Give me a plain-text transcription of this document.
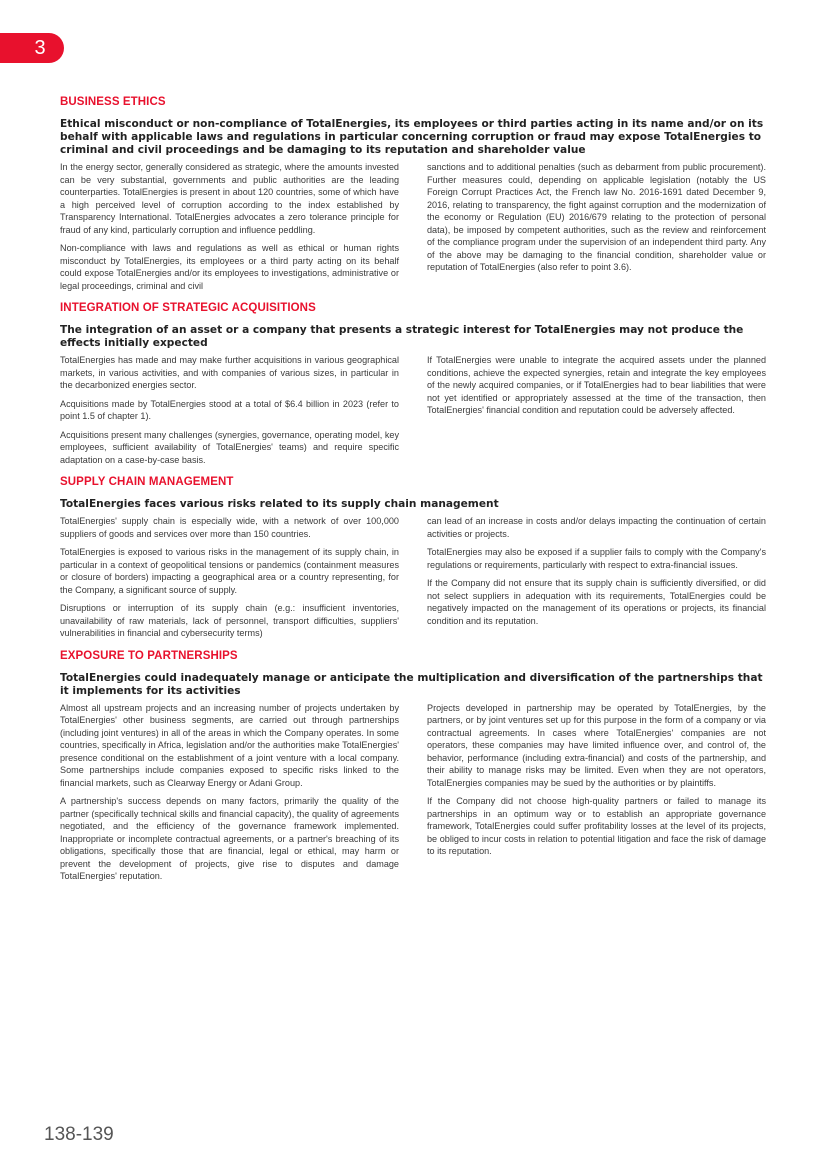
3
BUSINESS ETHICS
Ethical misconduct or non-compliance of TotalEnergies, its employees or third parties acting in its name and/or on its behalf with applicable laws and regulations in particular concerning corruption or fraud may expose TotalEnergies to criminal and civil proceedings and be damaging to its reputation and shareholder value

In the energy sector, generally considered as strategic, where the amounts invested can be very substantial, governments and public authorities are the leading counterparties. TotalEnergies is present in about 120 countries, some of which have a high perceived level of corruption according to the index established by Transparency International. TotalEnergies advocates a zero tolerance principle for fraud of any kind, particularly corruption and influence peddling.

Non-compliance with laws and regulations as well as ethical or human rights misconduct by TotalEnergies, its employees or a third party acting on its behalf could expose TotalEnergies and/or its employees to investigations, administrative or legal proceedings, criminal and civil

sanctions and to additional penalties (such as debarment from public procurement). Further measures could, depending on applicable legislation (notably the US Foreign Corrupt Practices Act, the French law No. 2016-1691 dated December 9, 2016, relating to transparency, the fight against corruption and the modernization of the economy or Regulation (EU) 2016/679 relating to the protection of personal data), be imposed by competent authorities, such as the review and reinforcement of the compliance program under the supervision of an independent third party. Any of the above may be damaging to the financial condition, shareholder value or reputation of TotalEnergies (also refer to point 3.6).

INTEGRATION OF STRATEGIC ACQUISITIONS
The integration of an asset or a company that presents a strategic interest for TotalEnergies may not produce the effects initially expected

TotalEnergies has made and may make further acquisitions in various geographical markets, in various activities, and with companies of various sizes, in particular in the decarbonized energies sector.

Acquisitions made by TotalEnergies stood at a total of $6.4 billion in 2023 (refer to point 1.5 of chapter 1).

Acquisitions present many challenges (synergies, governance, operating model, key employees, sufficient availability of TotalEnergies' teams) and require specific adaptation on a case-by-case basis.

If TotalEnergies were unable to integrate the acquired assets under the planned conditions, achieve the expected synergies, retain and integrate the key employees of the newly acquired companies, or if TotalEnergies had to bear liabilities that were not yet identified or appropriately assessed at the time of the transaction, then TotalEnergies' financial condition and reputation could be adversely affected.

SUPPLY CHAIN MANAGEMENT
TotalEnergies faces various risks related to its supply chain management

TotalEnergies' supply chain is especially wide, with a network of over 100,000 suppliers of goods and services over more than 150 countries.

TotalEnergies is exposed to various risks in the management of its supply chain, in particular in a context of geopolitical tensions or pandemics (containment measures or closure of borders) impacting a geographical area or a country representing, for the Company, a significant source of supply.

Disruptions or interruption of its supply chain (e.g.: insufficient inventories, unavailability of raw materials, lack of personnel, transport difficulties, suppliers' vulnerabilities in financial and cybersecurity terms)

can lead of an increase in costs and/or delays impacting the continuation of certain activities or projects.

TotalEnergies may also be exposed if a supplier fails to comply with the Company's regulations or requirements, particularly with respect to extra-financial issues.

If the Company did not ensure that its supply chain is sufficiently diversified, or did not select suppliers in adequation with its requirements, TotalEnergies could be negatively impacted on the management of its operations or projects, its financial condition and its reputation.

EXPOSURE TO PARTNERSHIPS
TotalEnergies could inadequately manage or anticipate the multiplication and diversification of the partnerships that it implements for its activities

Almost all upstream projects and an increasing number of projects undertaken by TotalEnergies' other business segments, are carried out through partnerships (including joint ventures) in all of the areas in which the Company operates. In some countries, specifically in Africa, legislation and/or the authorities make TotalEnergies' presence conditional on the establishment of a joint venture with a local company. Some partnerships include companies exposed to specific risks linked to the financial markets, such as Clearway Energy or Adani Group.

A partnership's success depends on many factors, primarily the quality of the partner (specifically technical skills and financial capacity), the quality of agreements negotiated, and the efficiency of the governance framework implemented. Inappropriate or incomplete contractual agreements, or a partner's breaching of its obligations, specifically those that are financial, legal or ethical, may harm or prevent the development of projects, give rise to disputes and damage TotalEnergies' reputation.

Projects developed in partnership may be operated by TotalEnergies, by the partners, or by joint ventures set up for this purpose in the form of a company or via contractual agreements. In cases where TotalEnergies' companies are not operators, these companies may have limited influence over, and control of, the behavior, performance (including extra-financial) and costs of the partnership, and their ability to manage risks may be limited. Even when they are not operators, TotalEnergies companies may be sued by the authorities or by plaintiffs.

If the Company did not choose high-quality partners or failed to manage its partnerships in an optimum way or to establish an appropriate governance framework, TotalEnergies could suffer profitability losses at the level of its projects, be obliged to incur costs in relation to potential litigation and face the risk of damage to its reputation.

138-139
